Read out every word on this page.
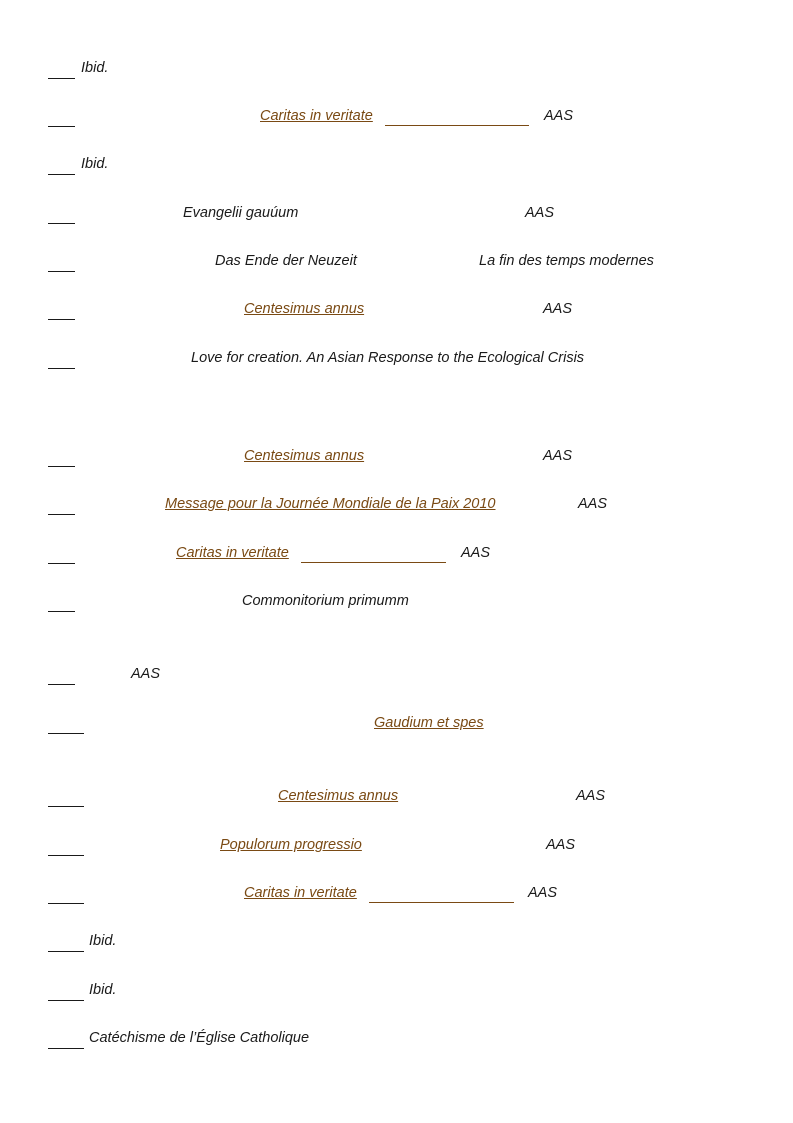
Ibid.
Caritas in veritate	AAS
Ibid.
Evangelii gauúum	AAS
Das Ende der Neuzeit	La fin des temps modernes
Centesimus annus	AAS
Love for creation. An Asian Response to the Ecological Crisis
Centesimus annus	AAS
Message pour la Journée Mondiale de la Paix 2010	AAS
Caritas in veritate	AAS
Commonitorium primumm
AAS
Gaudium et spes
Centesimus annus	AAS
Populorum progressio	AAS
Caritas in veritate	AAS
Ibid.
Ibid.
Catéchisme de l’Église Catholique
